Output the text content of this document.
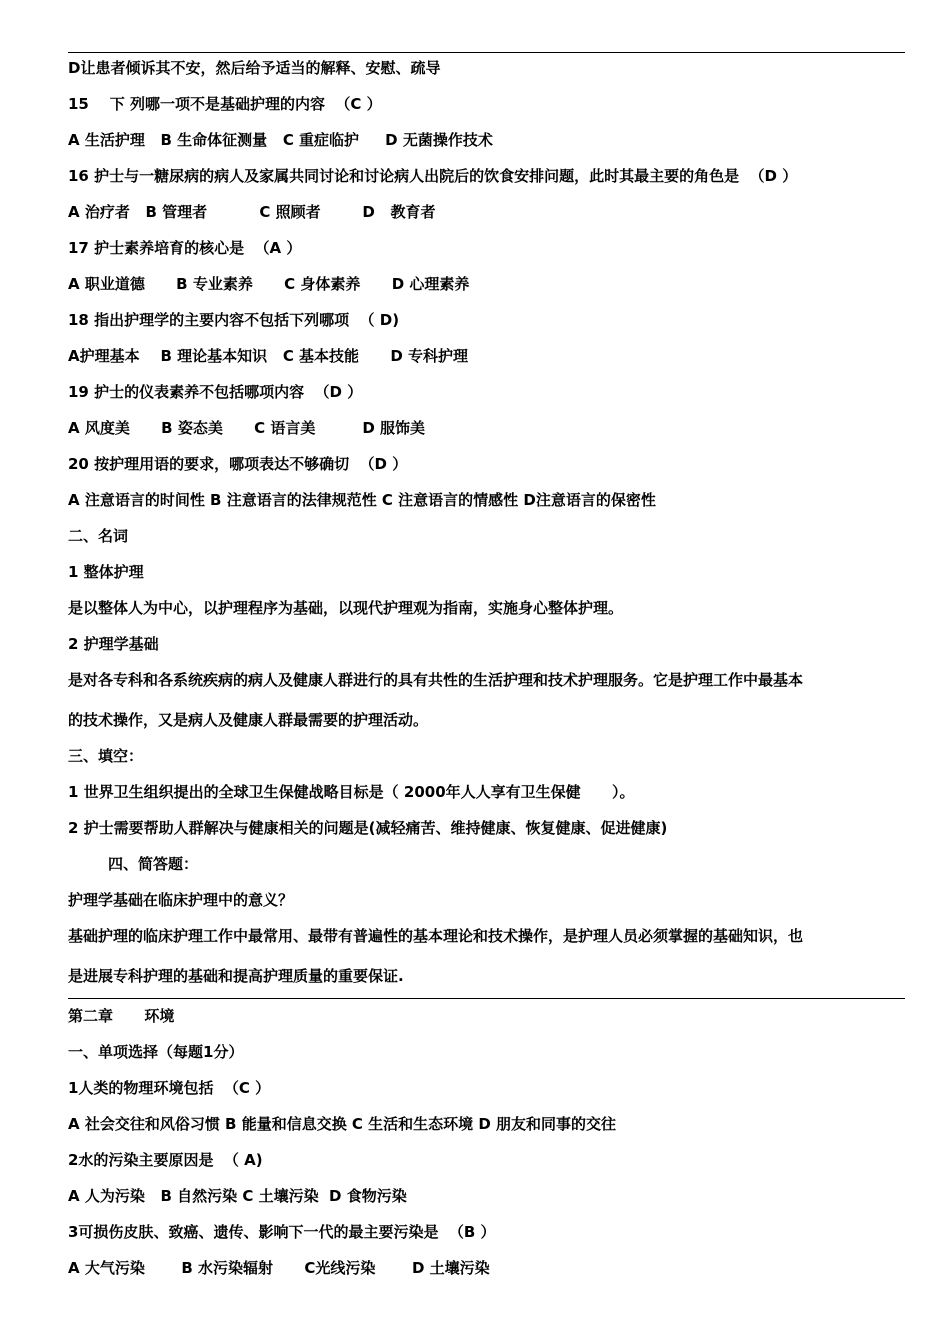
D让患者倾诉其不安，然后给予适当的解释、安慰、疏导
15    下 列哪一项不是基础护理的内容  （C ）
A 生活护理   B 生命体征测量   C 重症临护     D 无菌操作技术
16 护士与一糖尿病的病人及家属共同讨论和讨论病人出院后的饮食安排问题，此时其最主要的角色是  （D ）
A 治疗者   B 管理者          C 照顾者        D   教育者
17 护士素养培育的核心是  （A ）
A 职业道德      B 专业素养      C 身体素养      D 心理素养
18 指出护理学的主要内容不包括下列哪项  （ D)
A护理基本    B 理论基本知识   C 基本技能      D 专科护理
19 护士的仪表素养不包括哪项内容  （D ）
A 风度美      B 姿态美      C 语言美         D 服饰美
20 按护理用语的要求，哪项表达不够确切  （D ）
A 注意语言的时间性 B 注意语言的法律规范性 C 注意语言的情感性 D注意语言的保密性
二、名词
1 整体护理
是以整体人为中心，以护理程序为基础，以现代护理观为指南，实施身心整体护理。
2 护理学基础
是对各专科和各系统疾病的病人及健康人群进行的具有共性的生活护理和技术护理服务。它是护理工作中最基本
的技术操作，又是病人及健康人群最需要的护理活动。
三、填空：
1 世界卫生组织提出的全球卫生保健战略目标是（ 2000年人人享有卫生保健      ）。
2 护士需要帮助人群解决与健康相关的问题是(减轻痛苦、维持健康、恢复健康、促进健康)
四、简答题：
护理学基础在临床护理中的意义？
基础护理的临床护理工作中最常用、最带有普遍性的基本理论和技术操作，是护理人员必须掌握的基础知识，也
是进展专科护理的基础和提高护理质量的重要保证.
第二章      环境
一、单项选择（每题1分）
1人类的物理环境包括  （C ）
A 社会交往和风俗习惯 B 能量和信息交换 C 生活和生态环境 D 朋友和同事的交往
2水的污染主要原因是  （ A)
A 人为污染   B 自然污染 C 土壤污染  D 食物污染
3可损伤皮肤、致癌、遗传、影响下一代的最主要污染是  （B ）
A 大气污染       B 水污染辐射      C光线污染       D 土壤污染
